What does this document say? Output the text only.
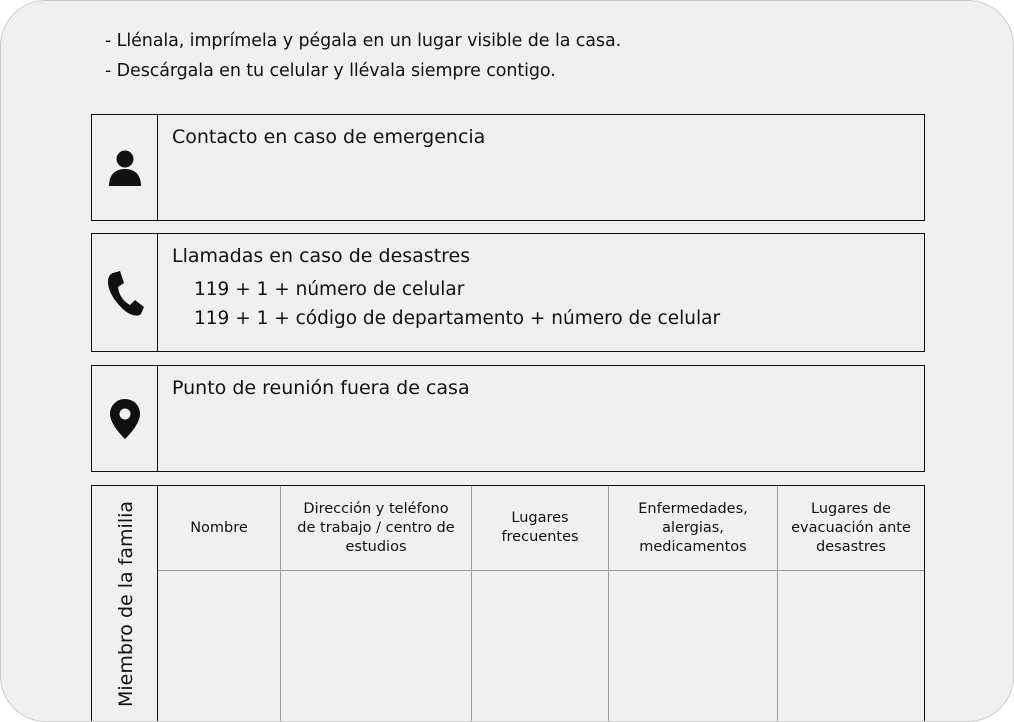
- Llénala, imprímela y pégala en un lugar visible de la casa.
- Descárgala en tu celular y llévala siempre contigo.
Contacto en caso de emergencia
Llamadas en caso de desastres
119 + 1 + número de celular
119 + 1 + código de departamento + número de celular
Punto de reunión fuera de casa
Miembro de la familia	Nombre
Dirección y teléfono de trabajo / centro de estudios
Lugares frecuentes
Enfermedades, alergias, medicamentos
Lugares de evacuación ante desastres
